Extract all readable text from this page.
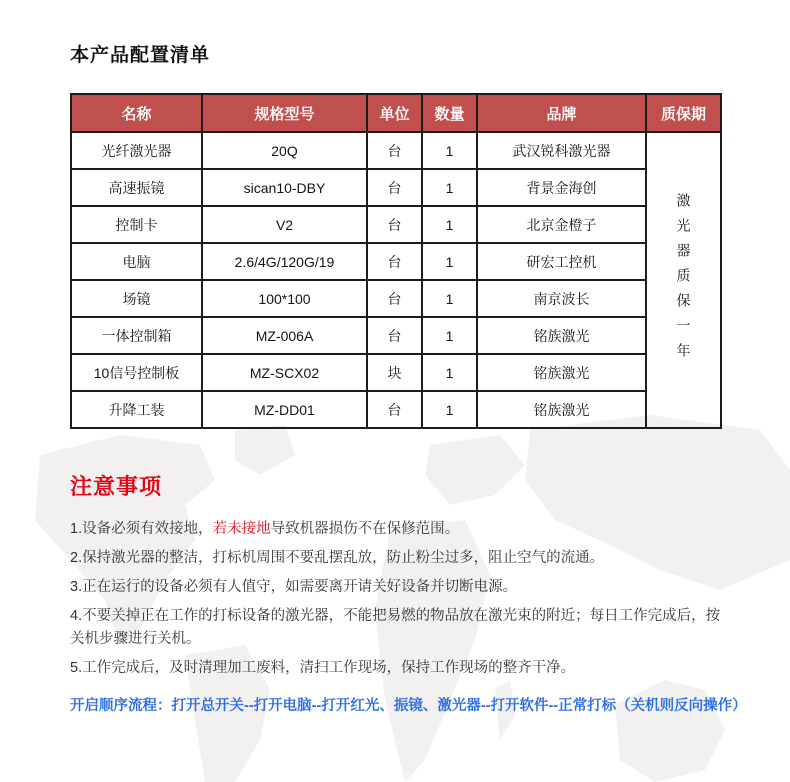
本产品配置清单
名称	规格型号	单位	数量	品牌	质保期
光纤激光器	20Q	台	1	武汉锐科激光器	激光器质保一年
高速振镜	sican10-DBY	台	1	背景金海创	
控制卡	V2	台	1	北京金橙子	
电脑	2.6/4G/120G/19	台	1	研宏工控机	
场镜	100*100	台	1	南京波长	
一体控制箱	MZ-006A	台	1	铭族激光	
10信号控制板	MZ-SCX02	块	1	铭族激光	
升降工装	MZ-DD01	台	1	铭族激光	
注意事项

1.设备必须有效接地，若未接地导致机器损伤不在保修范围。

2.保持激光器的整洁，打标机周围不要乱摆乱放，防止粉尘过多，阻止空气的流通。

3.正在运行的设备必须有人值守，如需要离开请关好设备并切断电源。

4.不要关掉正在工作的打标设备的激光器，不能把易燃的物品放在激光束的附近；每日工作完成后，按关机步骤进行关机。

5.工作完成后，及时清理加工废料，清扫工作现场，保持工作现场的整齐干净。

开启顺序流程：打开总开关--打开电脑--打开红光、振镜、激光器--打开软件--正常打标（关机则反向操作）
